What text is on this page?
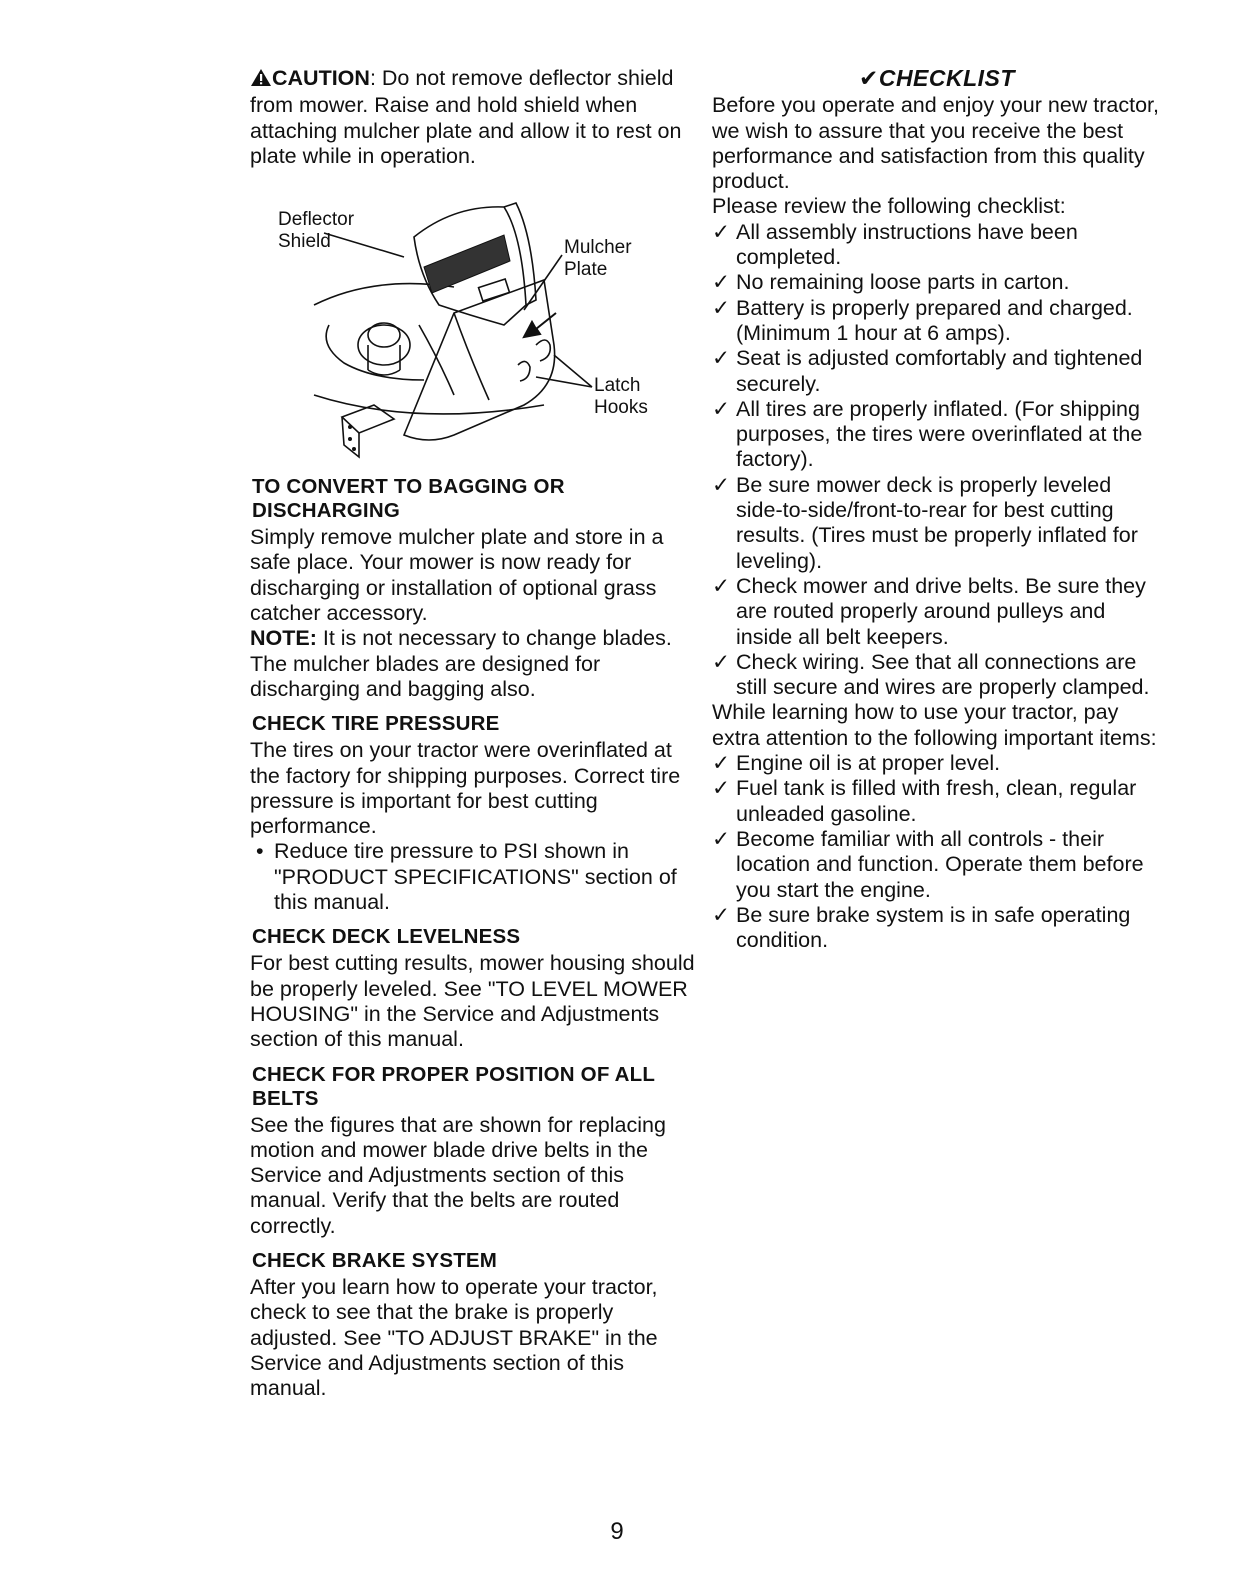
CAUTION: Do not remove deflector shield from mower. Raise and hold shield when attaching mulcher plate and allow it to rest on plate while in operation.

Deflector Shield	Mulcher Plate
Latch Hooks
TO CONVERT TO BAGGING OR DISCHARGING

Simply remove mulcher plate and store in a safe place. Your mower is now ready for discharging or installation of optional grass catcher accessory.

NOTE: It is not necessary to change blades. The mulcher blades are designed for discharging and bagging also.

CHECK TIRE PRESSURE

The tires on your tractor were overinflated at the factory for shipping purposes. Correct tire pressure is important for best cutting performance.

• Reduce tire pressure to PSI shown in "PRODUCT SPECIFICATIONS" section of this manual.
CHECK DECK LEVELNESS

For best cutting results, mower housing should be properly leveled. See "TO LEVEL MOWER HOUSING" in the Service and Adjustments section of this manual.

CHECK FOR PROPER POSITION OF ALL BELTS

See the figures that are shown for replacing motion and mower blade drive belts in the Service and Adjustments section of this manual. Verify that the belts are routed correctly.

CHECK BRAKE SYSTEM

After you learn how to operate your tractor, check to see that the brake is properly adjusted. See "TO ADJUST BRAKE" in the Service and Adjustments section of this manual.

✔CHECKLIST

Before you operate and enjoy your new tractor, we wish to assure that you receive the best performance and satisfaction from this quality product.

Please review the following checklist:

✓ All assembly instructions have been completed.
✓ No remaining loose parts in carton.
✓ Battery is properly prepared and charged.(Minimum 1 hour at 6 amps).
✓ Seat is adjusted comfortably and tightened securely.
✓ All tires are properly inflated. (For shipping purposes, the tires were overinflated at the factory).
✓ Be sure mower deck is properly leveled side-to-side/front-to-rear for best cutting results. (Tires must be properly inflated for leveling).
✓ Check mower and drive belts. Be sure they are routed properly around pulleys and inside all belt keepers.
✓ Check wiring. See that all connections are still secure and wires are properly clamped.

While learning how to use your tractor, pay extra attention to the following important items:

✓ Engine oil is at proper level.
✓ Fuel tank is filled with fresh, clean, regular unleaded gasoline.
✓ Become familiar with all controls - their location and function. Operate them before you start the engine.
✓ Be sure brake system is in safe operating condition.
9
